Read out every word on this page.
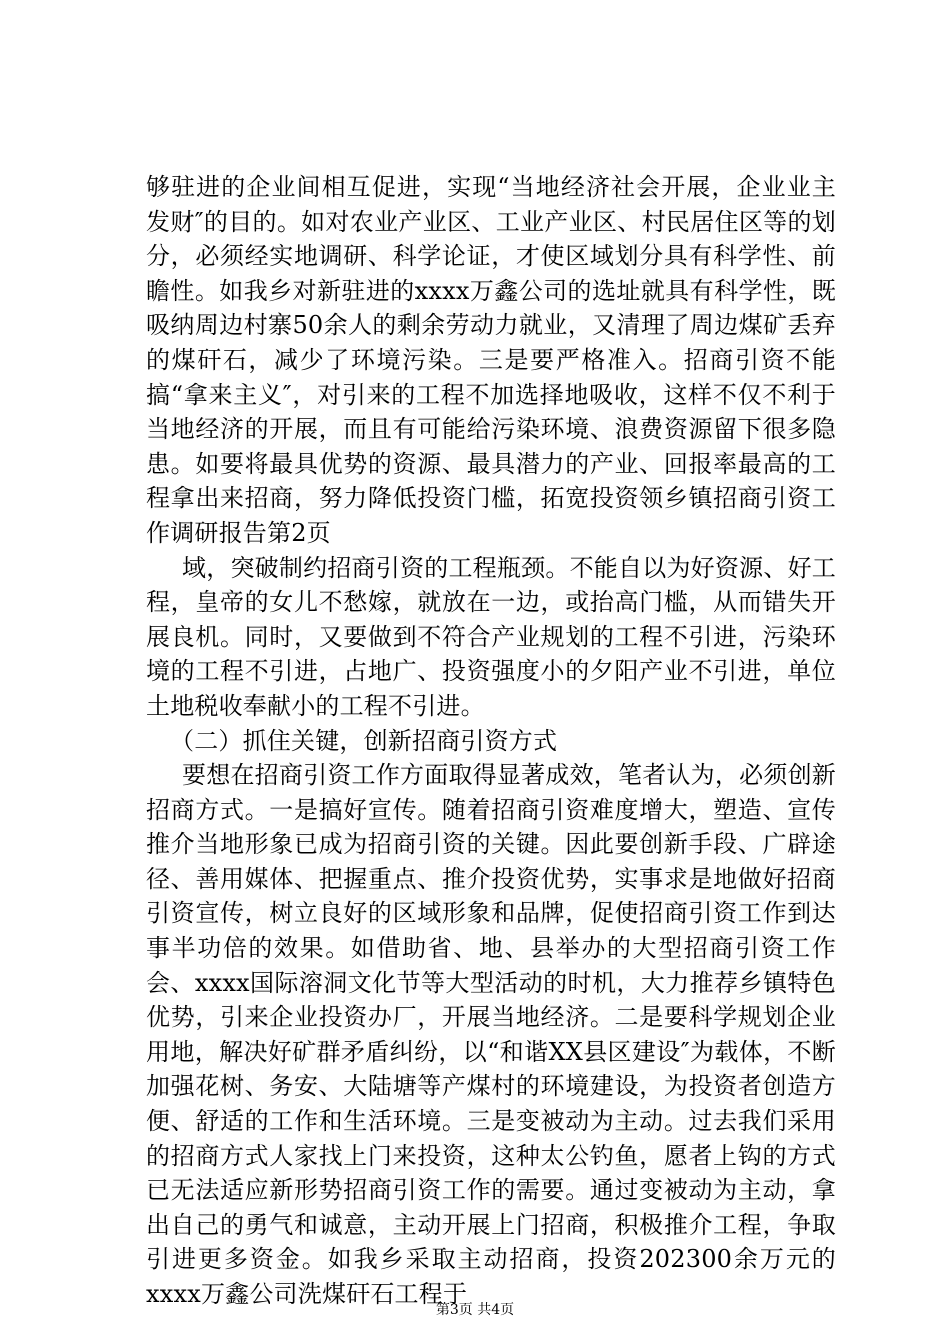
够驻进的企业间相互促进，实现“当地经济社会开展，企业业主发财″的目的。如对农业产业区、工业产业区、村民居住区等的划分，必须经实地调研、科学论证，才使区域划分具有科学性、前瞻性。如我乡对新驻进的xxxx万鑫公司的选址就具有科学性，既吸纳周边村寨50余人的剩余劳动力就业，又清理了周边煤矿丢弃的煤矸石，减少了环境污染。三是要严格准入。招商引资不能搞“拿来主义″，对引来的工程不加选择地吸收，这样不仅不利于当地经济的开展，而且有可能给污染环境、浪费资源留下很多隐患。如要将最具优势的资源、最具潜力的产业、回报率最高的工程拿出来招商，努力降低投资门槛，拓宽投资领乡镇招商引资工作调研报告第2页

域，突破制约招商引资的工程瓶颈。不能自以为好资源、好工程，皇帝的女儿不愁嫁，就放在一边，或抬高门槛，从而错失开展良机。同时，又要做到不符合产业规划的工程不引进，污染环境的工程不引进，占地广、投资强度小的夕阳产业不引进，单位土地税收奉献小的工程不引进。

（二）抓住关键，创新招商引资方式

要想在招商引资工作方面取得显著成效，笔者认为，必须创新招商方式。一是搞好宣传。随着招商引资难度增大，塑造、宣传推介当地形象已成为招商引资的关键。因此要创新手段、广辟途径、善用媒体、把握重点、推介投资优势，实事求是地做好招商引资宣传，树立良好的区域形象和品牌，促使招商引资工作到达事半功倍的效果。如借助省、地、县举办的大型招商引资工作会、xxxx国际溶洞文化节等大型活动的时机，大力推荐乡镇特色优势，引来企业投资办厂，开展当地经济。二是要科学规划企业用地，解决好矿群矛盾纠纷，以“和谐XX县区建设″为载体，不断加强花树、务安、大陆塘等产煤村的环境建设，为投资者创造方便、舒适的工作和生活环境。三是变被动为主动。过去我们采用的招商方式人家找上门来投资，这种太公钓鱼，愿者上钩的方式已无法适应新形势招商引资工作的需要。通过变被动为主动，拿出自己的勇气和诚意，主动开展上门招商，积极推介工程，争取引进更多资金。如我乡采取主动招商，投资202300余万元的xxxx万鑫公司洗煤矸石工程于

第3页 共4页
